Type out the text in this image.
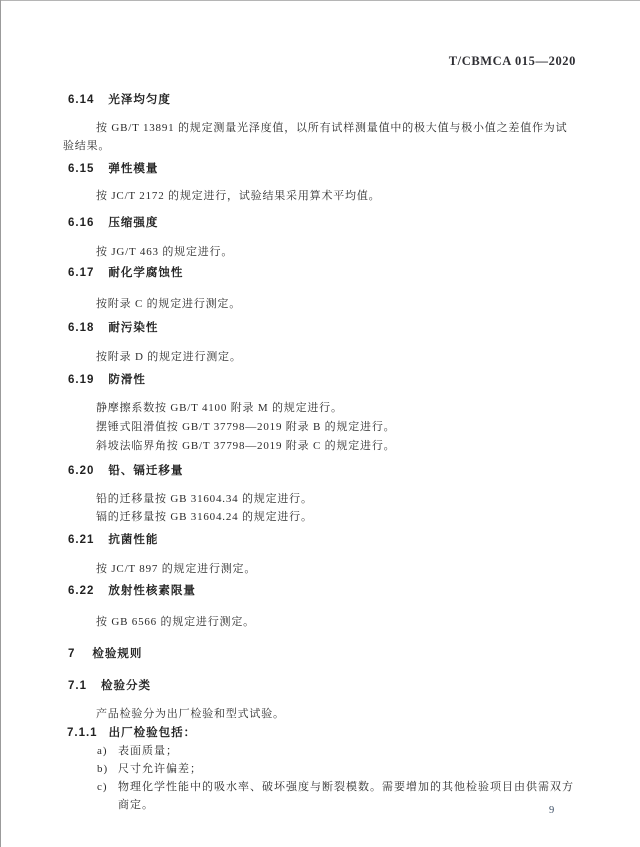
T/CBMCA 015—2020
6.14 光泽均匀度

按 GB/T 13891 的规定测量光泽度值，以所有试样测量值中的极大值与极小值之差值作为试验结果。

6.15 弹性模量

按 JC/T 2172 的规定进行，试验结果采用算术平均值。

6.16 压缩强度

按 JG/T 463 的规定进行。

6.17 耐化学腐蚀性

按附录 C 的规定进行测定。

6.18 耐污染性

按附录 D 的规定进行测定。

6.19 防滑性

静摩擦系数按 GB/T 4100 附录 M 的规定进行。

摆锤式阻滑值按 GB/T 37798—2019 附录 B 的规定进行。

斜坡法临界角按 GB/T 37798—2019 附录 C 的规定进行。

6.20 铅、镉迁移量

铅的迁移量按 GB 31604.34 的规定进行。

镉的迁移量按 GB 31604.24 的规定进行。

6.21 抗菌性能

按 JC/T 897 的规定进行测定。

6.22 放射性核素限量

按 GB 6566 的规定进行测定。

7 检验规则
7.1 检验分类

产品检验分为出厂检验和型式试验。

7.1.1 出厂检验包括：
a) 表面质量；
b) 尺寸允许偏差；
c) 物理化学性能中的吸水率、破坏强度与断裂模数。需要增加的其他检验项目由供需双方商定。	9
